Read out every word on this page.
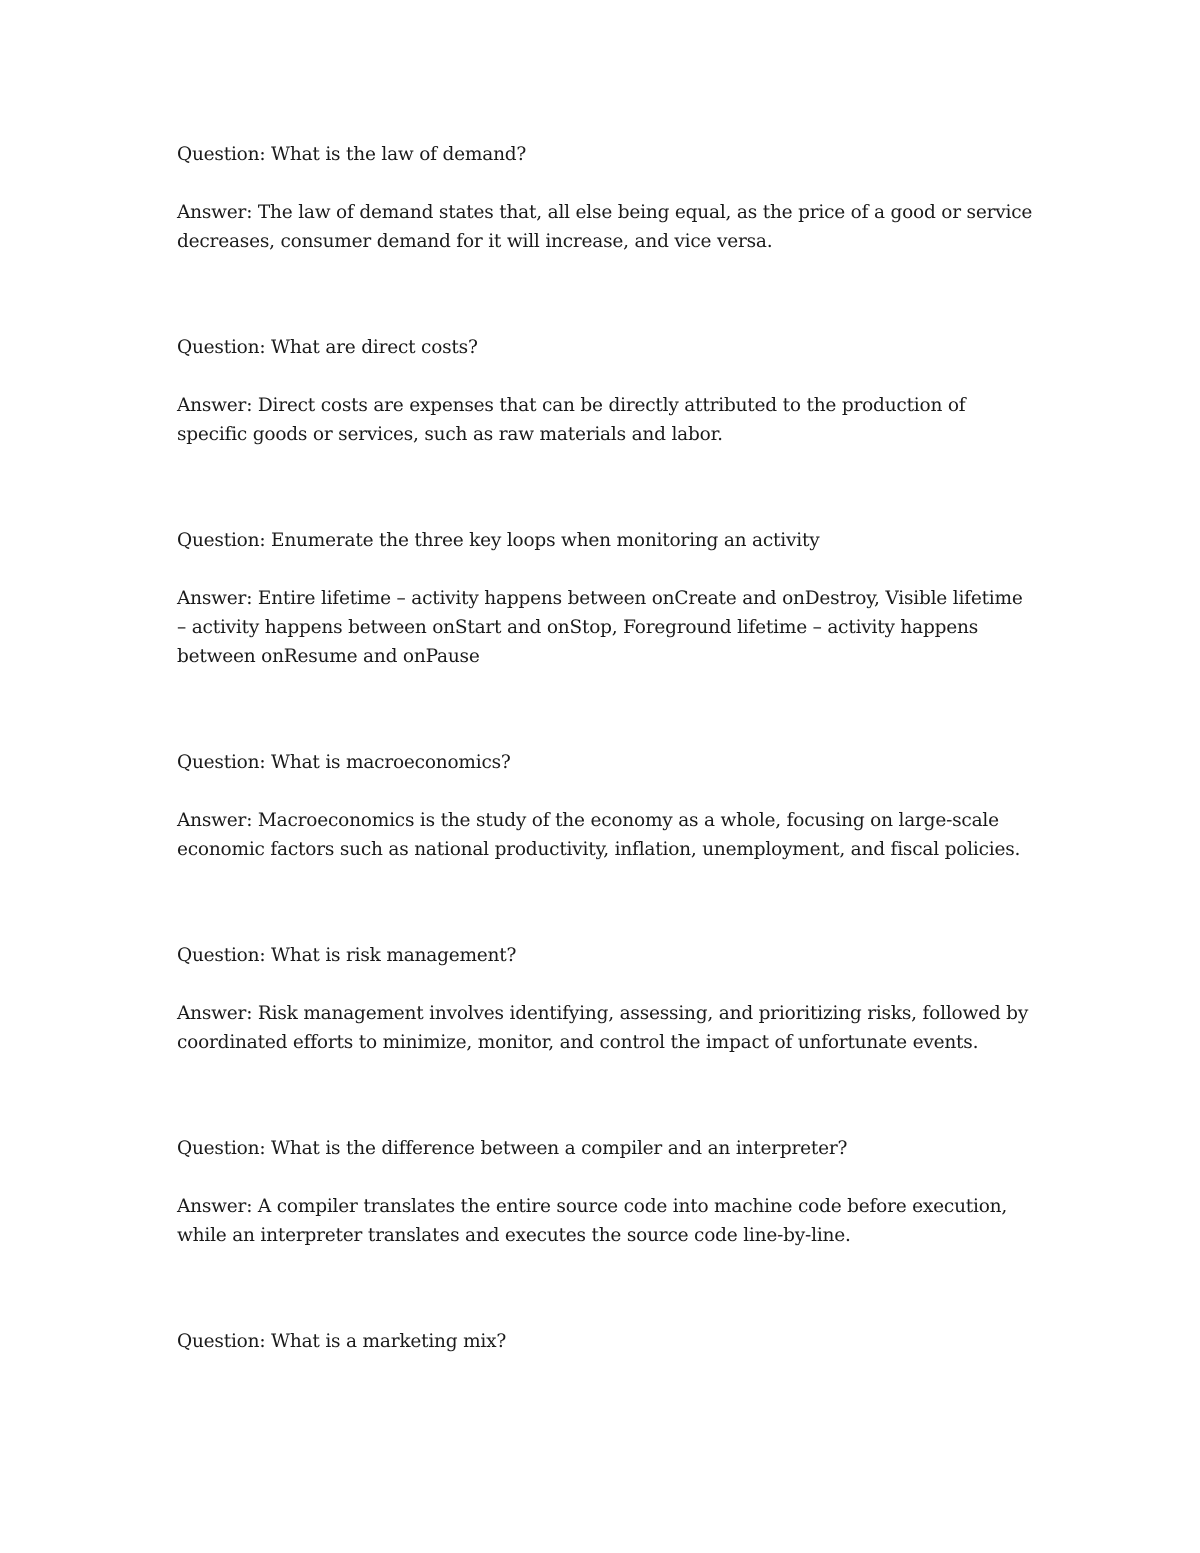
Question: What is the law of demand?

Answer: The law of demand states that, all else being equal, as the price of a good or service decreases, consumer demand for it will increase, and vice versa.

Question: What are direct costs?

Answer: Direct costs are expenses that can be directly attributed to the production of specific goods or services, such as raw materials and labor.

Question: Enumerate the three key loops when monitoring an activity

Answer: Entire lifetime – activity happens between onCreate and onDestroy, Visible lifetime – activity happens between onStart and onStop, Foreground lifetime – activity happens between onResume and onPause

Question: What is macroeconomics?

Answer: Macroeconomics is the study of the economy as a whole, focusing on large-scale economic factors such as national productivity, inflation, unemployment, and fiscal policies.

Question: What is risk management?

Answer: Risk management involves identifying, assessing, and prioritizing risks, followed by coordinated efforts to minimize, monitor, and control the impact of unfortunate events.

Question: What is the difference between a compiler and an interpreter?

Answer: A compiler translates the entire source code into machine code before execution, while an interpreter translates and executes the source code line-by-line.

Question: What is a marketing mix?
